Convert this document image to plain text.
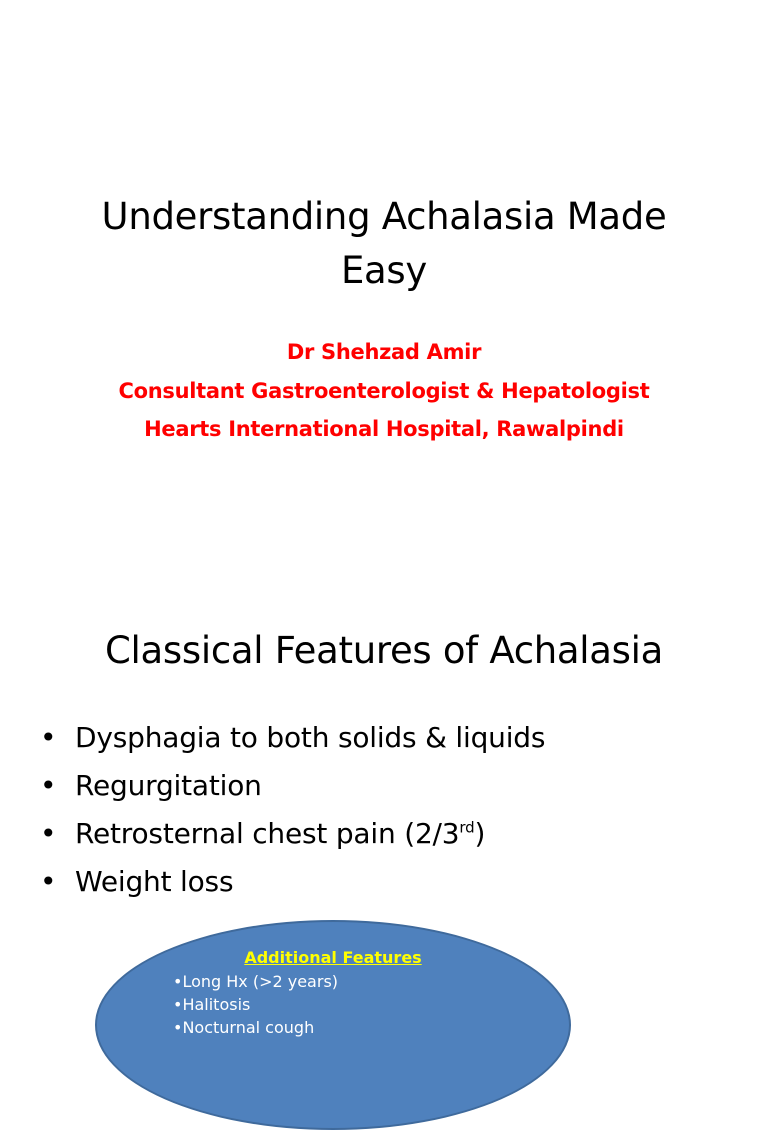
Understanding Achalasia Made
Easy
Dr Shehzad Amir
Consultant Gastroenterologist & Hepatologist
Hearts International Hospital, Rawalpindi
Classical Features of Achalasia
• Dysphagia to both solids & liquids
• Regurgitation
• Retrosternal chest pain (2/3rd)
• Weight loss
Additional Features
•Long Hx (>2 years)
•Halitosis
•Nocturnal cough
